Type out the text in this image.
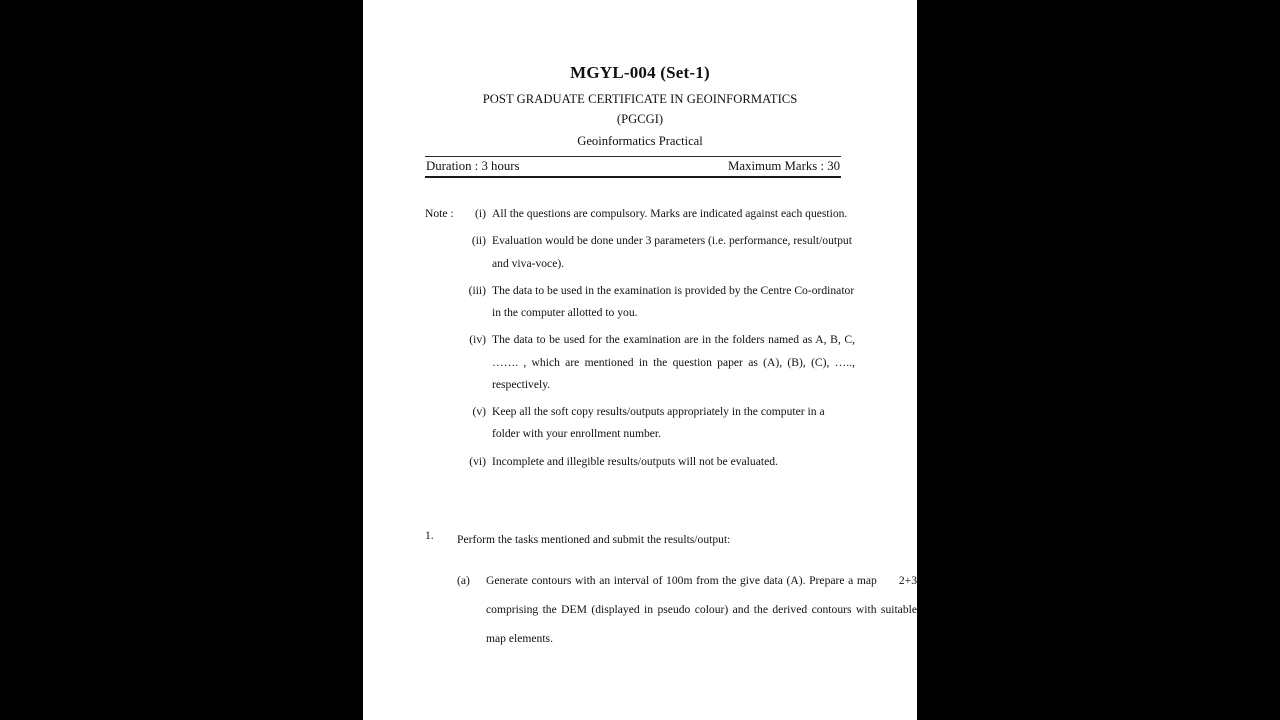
MGYL-004 (Set-1)
POST GRADUATE CERTIFICATE IN GEOINFORMATICS
(PGCGI)
Geoinformatics Practical
Duration : 3 hours	Maximum Marks : 30
Note :	(i) All the questions are compulsory. Marks are indicated against each question.
(ii) Evaluation would be done under 3 parameters (i.e. performance, result/output and viva-voce).
(iii) The data to be used in the examination is provided by the Centre Co-ordinator in the computer allotted to you.
(iv) The data to be used for the examination are in the folders named as A, B, C, ……. , which are mentioned in the question paper as (A), (B), (C), ….., respectively.
(v) Keep all the soft copy results/outputs appropriately in the computer in a folder with your enrollment number.
(vi) Incomplete and illegible results/outputs will not be evaluated.
1.	Perform the tasks mentioned and submit the results/output:
(a)	2+3
Generate contours with an interval of 100m from the give data (A). Prepare a map comprising the DEM (displayed in pseudo colour) and the derived contours with suitable map elements.
